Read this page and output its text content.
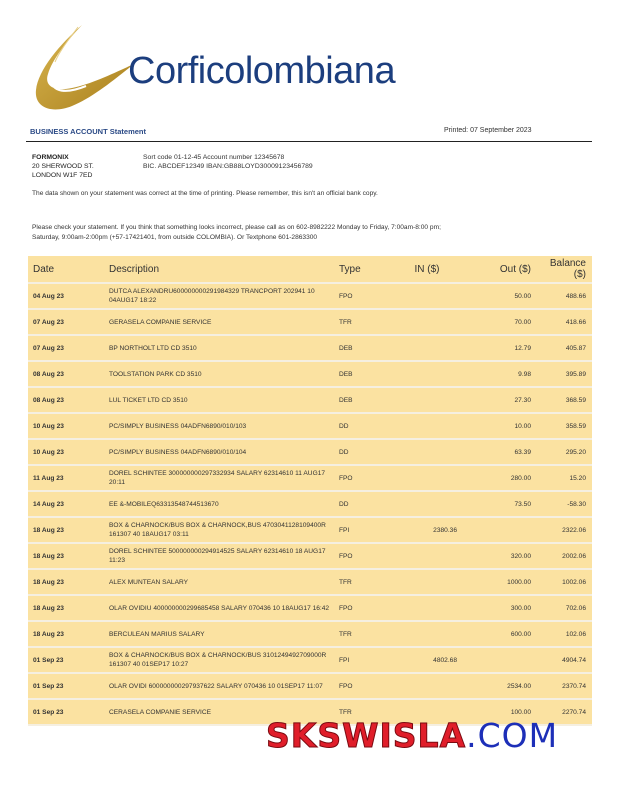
Corficolombiana
BUSINESS ACCOUNT Statement	Printed: 07 September 2023
FORMONIX
20 SHERWOOD ST.
LONDON W1F 7ED
Sort code 01-12-45 Account number 12345678
BIC. ABCDEF12349 IBAN:GB88LOYD30009123456789
The data shown on your statement was correct at the time of printing. Please remember, this isn't an official bank copy.
Please check your statement. If you think that something looks incorrect, please call as on 602-8982222 Monday to Friday, 7:00am-8:00 pm; Saturday, 9:00am-2:00pm (+57-17421401, from outside COLOMBIA). Or Textphone 601-2863300
Date	Description	Type	IN ($)	Out ($)	Balance ($)
04 Aug 23	DUTCA ALEXANDRU600000000291984329 TRANCPORT 202941 10 04AUG17 18:22	FPO		50.00	488.66
07 Aug 23	GERASELA COMPANIE SERVICE	TFR		70.00	418.66
07 Aug 23	BP NORTHOLT LTD CD 3510	DEB		12.79	405.87
08 Aug 23	TOOLSTATION PARK CD 3510	DEB		9.98	395.89
08 Aug 23	LUL TICKET LTD CD 3510	DEB		27.30	368.59
10 Aug 23	PC/SIMPLY BUSINESS 04ADFN6890/010/103	DD		10.00	358.59
10 Aug 23	PC/SIMPLY BUSINESS 04ADFN6890/010/104	DD		63.39	295.20
11 Aug 23	DOREL SCHINTEE 300000000297332934 SALARY 62314610 11 AUG17 20:11	FPO		280.00	15.20
14 Aug 23	EE &-MOBILEQ63313548744513670	DD		73.50	-58.30
18 Aug 23	BOX & CHARNOCK/BUS BOX & CHARNOCK,BUS 4703041128109400R 161307 40 18AUG17 03:11	FPI	2380.36		2322.06
18 Aug 23	DOREL SCHINTEE 500000000294914525 SALARY 62314610 18 AUG17 11:23	FPO		320.00	2002.06
18 Aug 23	ALEX MUNTEAN SALARY	TFR		1000.00	1002.06
18 Aug 23	OLAR OVIDIU 400000000299685458 SALARY 070436 10 18AUG17 16:42	FPO		300.00	702.06
18 Aug 23	BERCULEAN MARIUS SALARY	TFR		600.00	102.06
01 Sep 23	BOX & CHARNOCK/BUS BOX & CHARNOCK/BUS 3101249492709000R 161307 40 01SEP17 10:27	FPI	4802.68		4904.74
01 Sep 23	OLAR OVIDI 600000000297937622 SALARY 070436 10 01SEP17 11:07	FPO		2534.00	2370.74
01 Sep 23	CERASELA COMPANIE SERVICE	TFR		100.00	2270.74
SKSWISLA.COM
